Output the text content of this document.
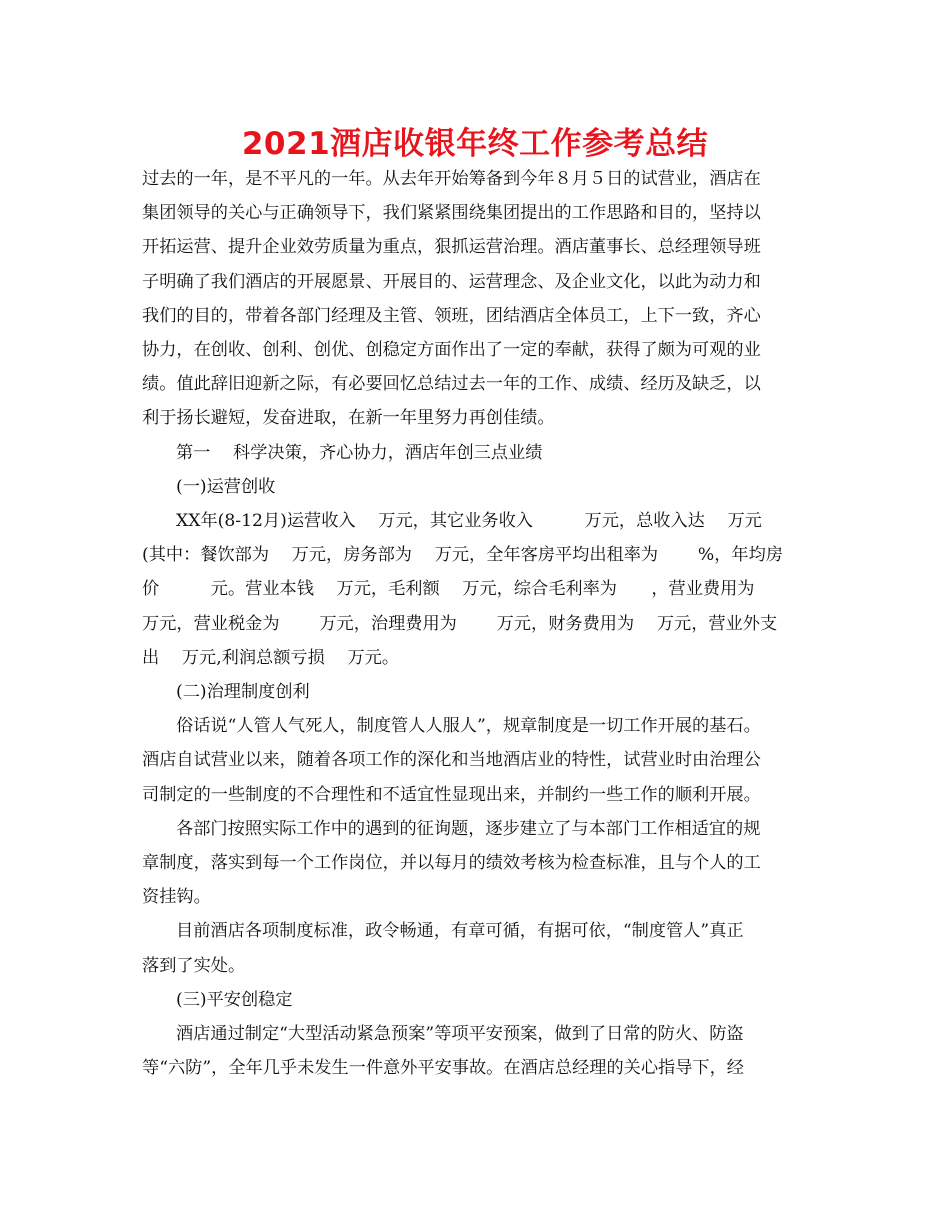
2021酒店收银年终工作参考总结

过去的一年，是不平凡的一年。从去年开始筹备到今年８月５日的试营业，酒店在
集团领导的关心与正确领导下，我们紧紧围绕集团提出的工作思路和目的，坚持以
开拓运营、提升企业效劳质量为重点，狠抓运营治理。酒店董事长、总经理领导班
子明确了我们酒店的开展愿景、开展目的、运营理念、及企业文化，以此为动力和
我们的目的，带着各部门经理及主管、领班，团结酒店全体员工，上下一致，齐心
协力，在创收、创利、创优、创稳定方面作出了一定的奉献，获得了颇为可观的业
绩。值此辞旧迎新之际，有必要回忆总结过去一年的工作、成绩、经历及缺乏，以
利于扬长避短，发奋进取，在新一年里努力再创佳绩。

第一　 科学决策，齐心协力，酒店年创三点业绩

(一)运营创收

XX年(8-12月)运营收入　 万元，其它业务收入　　　万元，总收入达　 万元
(其中：餐饮部为　 万元，房务部为　 万元，全年客房平均出租率为　　 %，年均房
价　　　元。营业本钱　 万元，毛利额　 万元，综合毛利率为　　，营业费用为
万元，营业税金为　　 万元，治理费用为　　 万元，财务费用为　 万元，营业外支
出　 万元,利润总额亏损　 万元。

(二)治理制度创利

俗话说“人管人气死人，制度管人人服人”，规章制度是一切工作开展的基石。
酒店自试营业以来，随着各项工作的深化和当地酒店业的特性，试营业时由治理公
司制定的一些制度的不合理性和不适宜性显现出来，并制约一些工作的顺利开展。

各部门按照实际工作中的遇到的征询题，逐步建立了与本部门工作相适宜的规
章制度，落实到每一个工作岗位，并以每月的绩效考核为检查标准，且与个人的工
资挂钩。

目前酒店各项制度标准，政令畅通，有章可循，有据可依，“制度管人”真正
落到了实处。

(三)平安创稳定

酒店通过制定“大型活动紧急预案”等项平安预案，做到了日常的防火、防盗
等“六防”，全年几乎未发生一件意外平安事故。在酒店总经理的关心指导下，经
